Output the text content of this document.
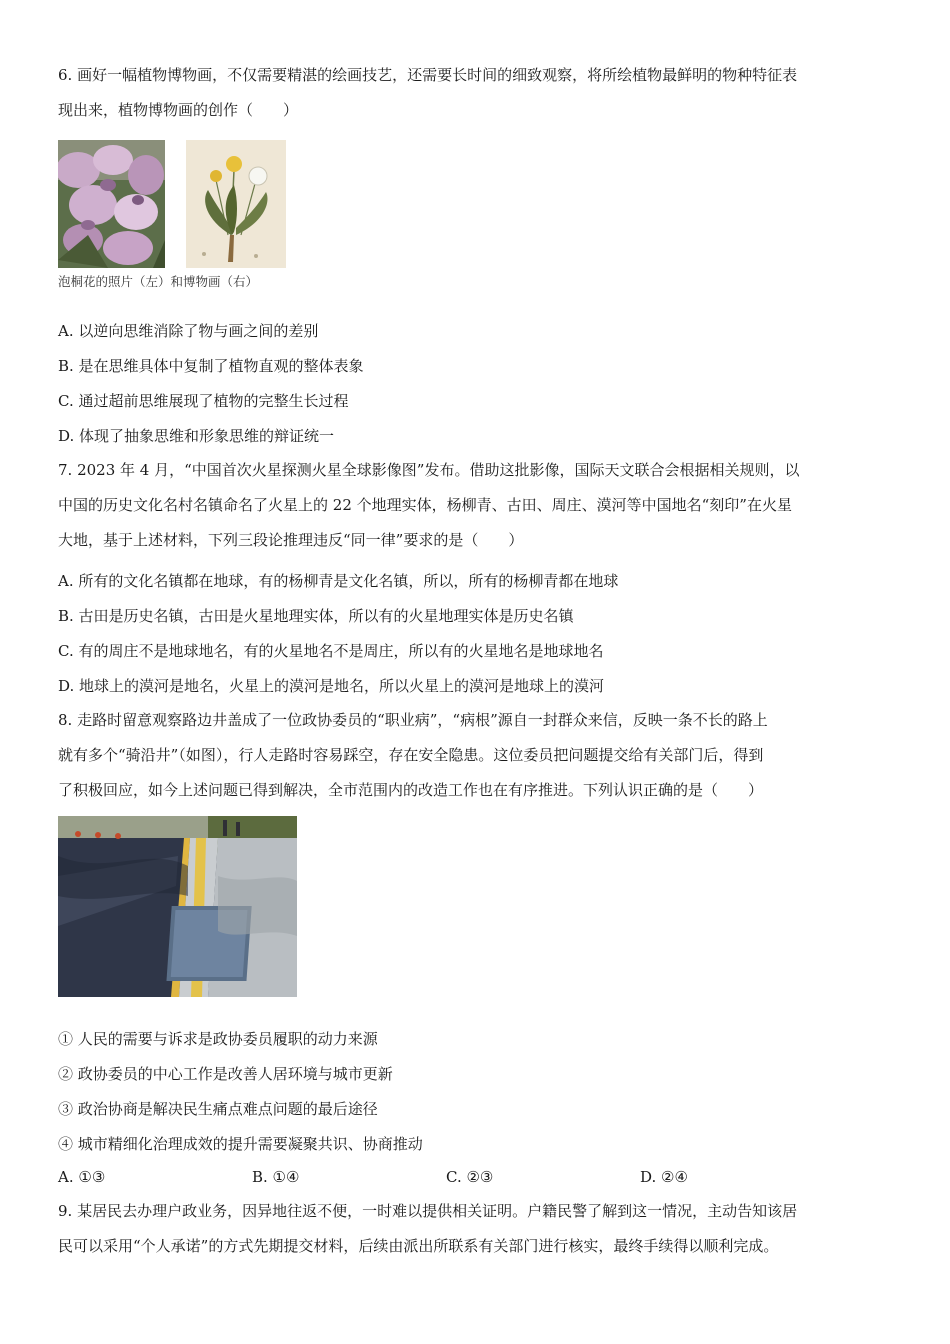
6. 画好一幅植物博物画，不仅需要精湛的绘画技艺，还需要长时间的细致观察，将所绘植物最鲜明的物种特征表
现出来，植物博物画的创作（　　）
泡桐花的照片（左）和博物画（右）

A. 以逆向思维消除了物与画之间的差别

B. 是在思维具体中复制了植物直观的整体表象

C. 通过超前思维展现了植物的完整生长过程

D. 体现了抽象思维和形象思维的辩证统一

7. 2023 年 4 月，“中国首次火星探测火星全球影像图”发布。借助这批影像，国际天文联合会根据相关规则，以
中国的历史文化名村名镇命名了火星上的 22 个地理实体，杨柳青、古田、周庄、漠河等中国地名“刻印”在火星
大地，基于上述材料，下列三段论推理违反“同一律”要求的是（　　）

A. 所有的文化名镇都在地球，有的杨柳青是文化名镇，所以，所有的杨柳青都在地球

B. 古田是历史名镇，古田是火星地理实体，所以有的火星地理实体是历史名镇

C. 有的周庄不是地球地名，有的火星地名不是周庄，所以有的火星地名是地球地名

D. 地球上的漠河是地名，火星上的漠河是地名，所以火星上的漠河是地球上的漠河

8. 走路时留意观察路边井盖成了一位政协委员的“职业病”，“病根”源自一封群众来信，反映一条不长的路上
就有多个“骑沿井”（如图），行人走路时容易踩空，存在安全隐患。这位委员把问题提交给有关部门后，得到
了积极回应，如今上述问题已得到解决，全市范围内的改造工作也在有序推进。下列认识正确的是（　　）

① 人民的需要与诉求是政协委员履职的动力来源

② 政协委员的中心工作是改善人居环境与城市更新

③ 政治协商是解决民生痛点难点问题的最后途径

④ 城市精细化治理成效的提升需要凝聚共识、协商推动

A. ①③	B. ①④	C. ②③	D. ②④
9. 某居民去办理户政业务，因异地往返不便，一时难以提供相关证明。户籍民警了解到这一情况，主动告知该居
民可以采用“个人承诺”的方式先期提交材料，后续由派出所联系有关部门进行核实，最终手续得以顺利完成。
